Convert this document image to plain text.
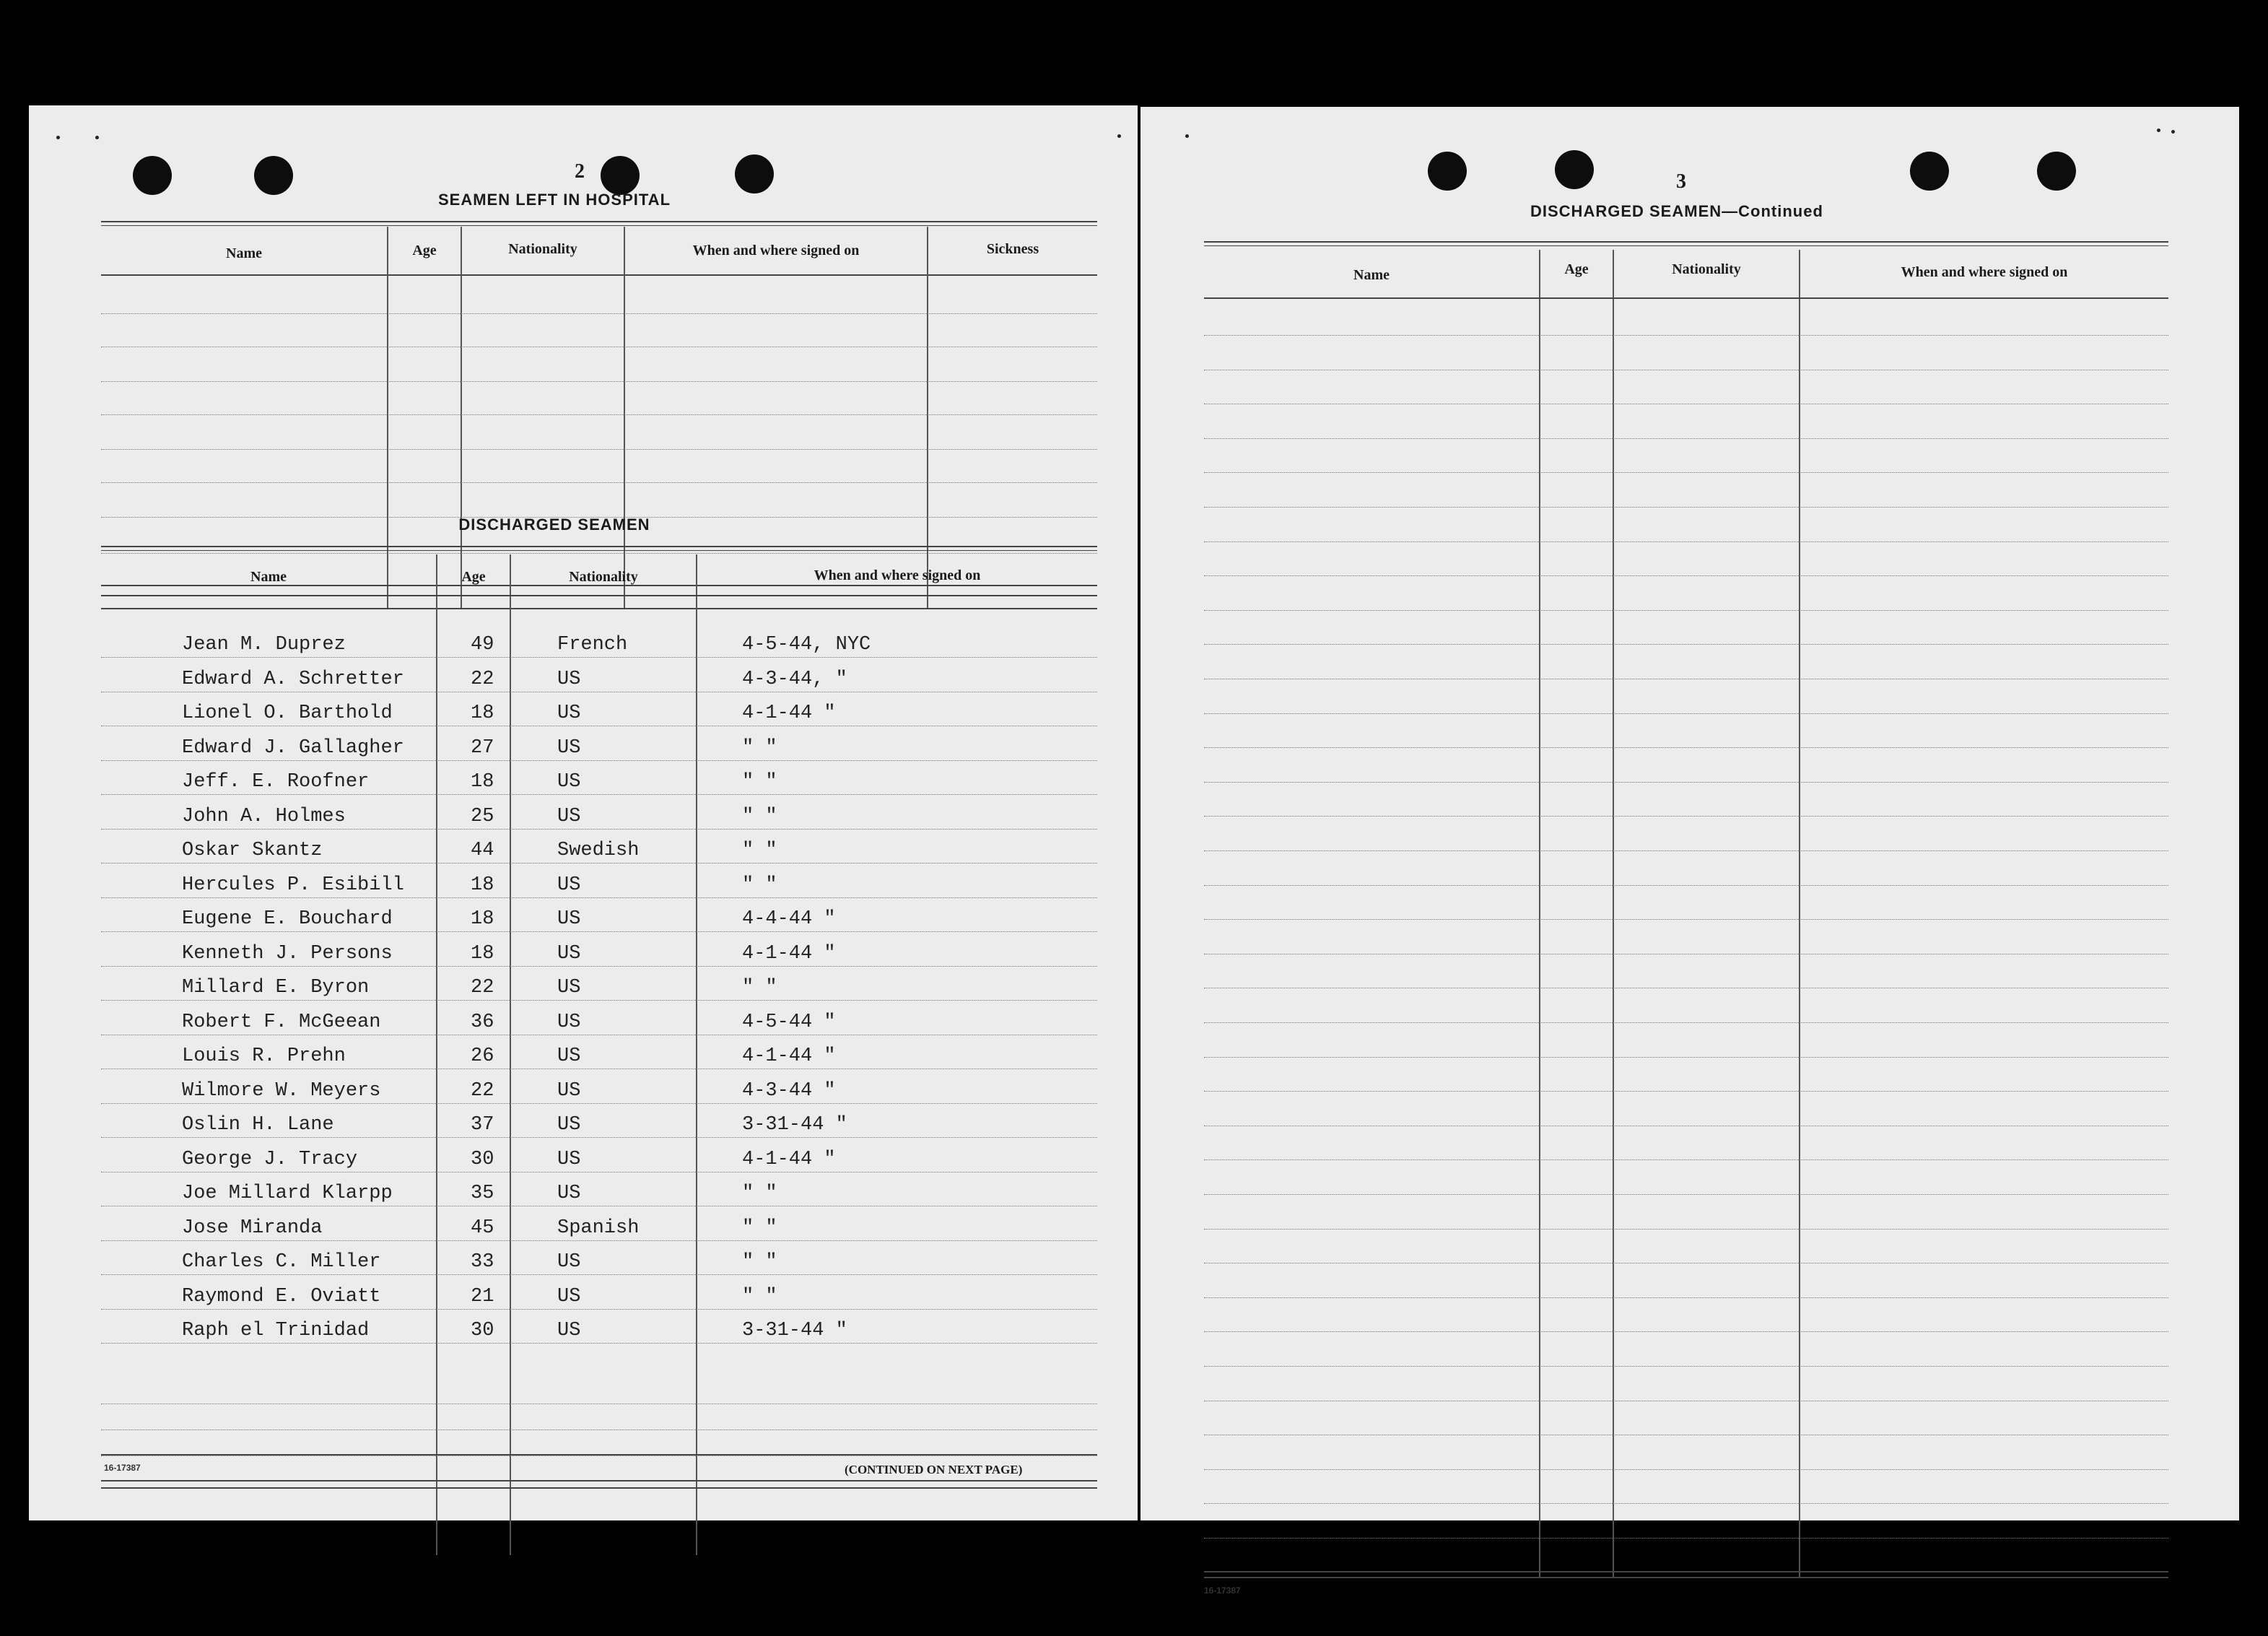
2
SEAMEN LEFT IN HOSPITAL
Name	Age	Nationality	When and where signed on	Sickness
DISCHARGED SEAMEN
Name	Age	Nationality	When and where signed on
Jean M. Duprez	49	French	4-5-44, NYC
Edward A. Schretter	22	US	4-3-44, "
Lionel O. Barthold	18	US	4-1-44 "
Edward J. Gallagher	27	US	" "
Jeff. E. Roofner	18	US	" "
John A. Holmes	25	US	" "
Oskar Skantz	44	Swedish	" "
Hercules P. Esibill	18	US	" "
Eugene E. Bouchard	18	US	4-4-44 "
Kenneth J. Persons	18	US	4-1-44 "
Millard E. Byron	22	US	" "
Robert F. McGeean	36	US	4-5-44 "
Louis R. Prehn	26	US	4-1-44 "
Wilmore W. Meyers	22	US	4-3-44 "
Oslin H. Lane	37	US	3-31-44 "
George J. Tracy	30	US	4-1-44 "
Joe Millard Klarpp	35	US	" "
Jose Miranda	45	Spanish	" "
Charles C. Miller	33	US	" "
Raymond E. Oviatt	21	US	" "
Raph el Trinidad	30	US	3-31-44 "
16-17387	(CONTINUED ON NEXT PAGE)
3
DISCHARGED SEAMEN—Continued
Name	Age	Nationality	When and where signed on
16-17387
